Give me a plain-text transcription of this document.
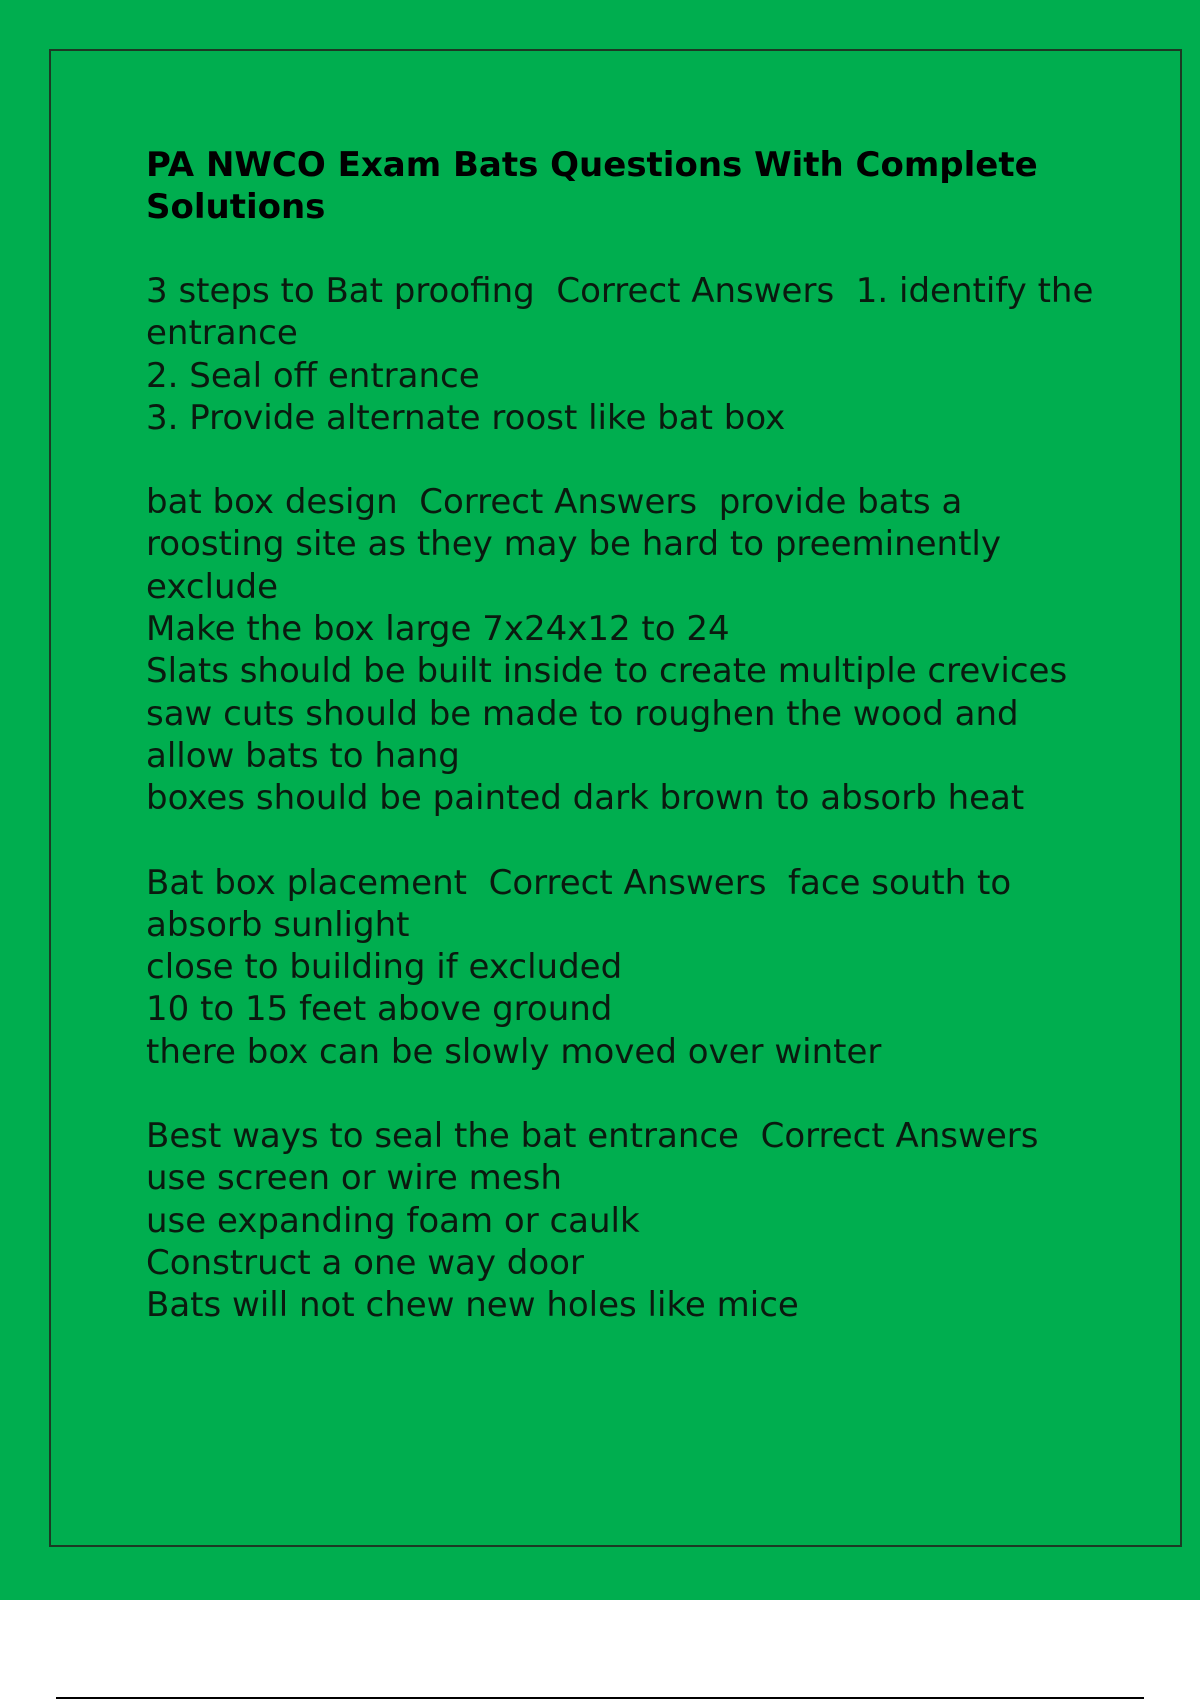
PA NWCO Exam Bats Questions With Complete Solutions
3 steps to Bat proofing  Correct Answers  1. identify the entrance
2. Seal off entrance
3. Provide alternate roost like bat box
bat box design  Correct Answers  provide bats a roosting site as they may be hard to preeminently exclude
Make the box large 7x24x12 to 24
Slats should be built inside to create multiple crevices
saw cuts should be made to roughen the wood and allow bats to hang
boxes should be painted dark brown to absorb heat
Bat box placement  Correct Answers  face south to absorb sunlight
close to building if excluded
10 to 15 feet above ground
there box can be slowly moved over winter
Best ways to seal the bat entrance  Correct Answers  use screen or wire mesh
use expanding foam or caulk
Construct a one way door
Bats will not chew new holes like mice
